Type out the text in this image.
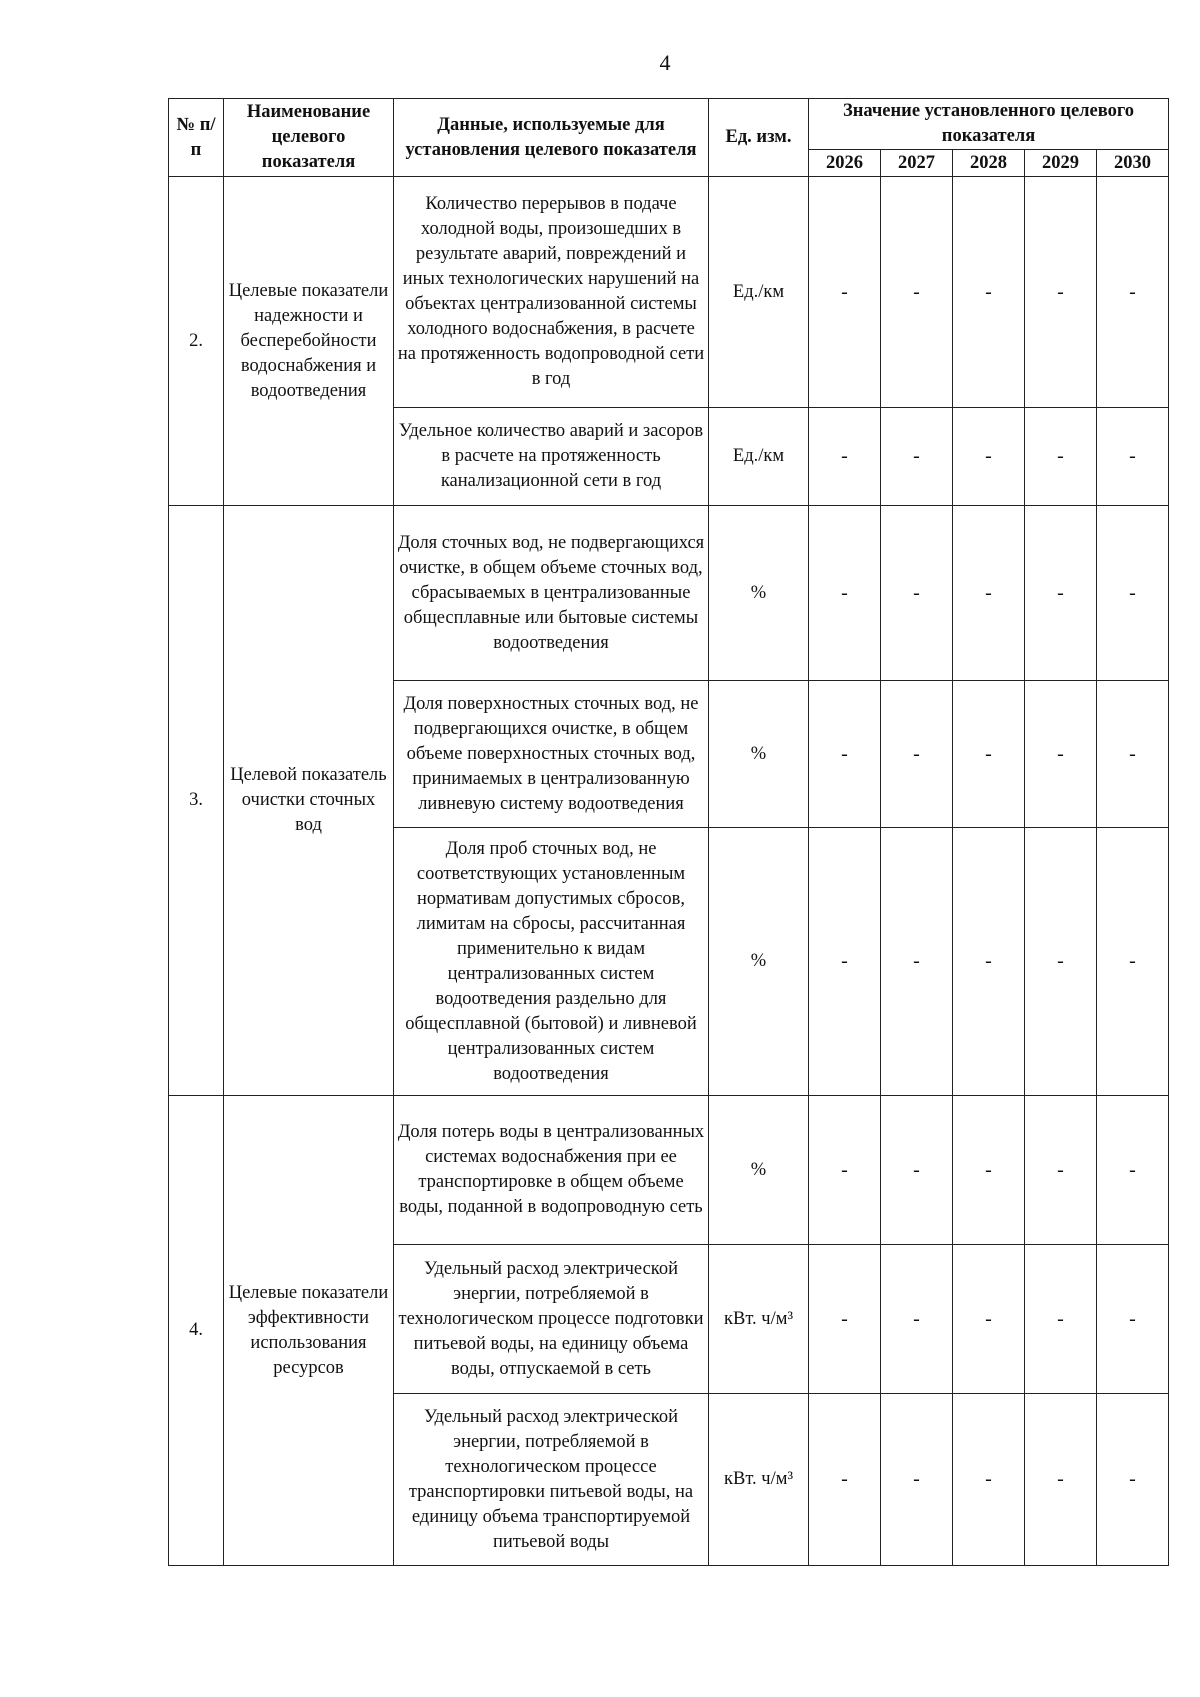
4
№ п/п	Наименование целевого показателя	Данные, используемые для установления целевого показателя	Ед. изм.	Значение установленного целевого показателя				
				2026	2027	2028	2029	2030
2.	Целевые показатели надежности и бесперебойности водоснабжения и водоотведения	Количество перерывов в подаче холодной воды, произошедших в результате аварий, повреждений и иных технологических нарушений на объектах централизованной системы холодного водоснабжения, в расчете на протяженность водопроводной сети в год	Ед./км	-	-	-	-	-
		Удельное количество аварий и засоров в расчете на протяженность канализационной сети в год	Ед./км	-	-	-	-	-
3.	Целевой показатель очистки сточных вод	Доля сточных вод, не подвергающихся очистке, в общем объеме сточных вод, сбрасываемых в централизованные общесплавные или бытовые системы водоотведения	%	-	-	-	-	-
		Доля поверхностных сточных вод, не подвергающихся очистке, в общем объеме поверхностных сточных вод, принимаемых в централизованную ливневую систему водоотведения	%	-	-	-	-	-
		Доля проб сточных вод, не соответствующих установленным нормативам допустимых сбросов, лимитам на сбросы, рассчитанная применительно к видам централизованных систем водоотведения раздельно для общесплавной (бытовой) и ливневой централизованных систем водоотведения	%	-	-	-	-	-
4.	Целевые показатели эффективности использования ресурсов	Доля потерь воды в централизованных системах водоснабжения при ее транспортировке в общем объеме воды, поданной в водопроводную сеть	%	-	-	-	-	-
		Удельный расход электрической энергии, потребляемой в технологическом процессе подготовки питьевой воды, на единицу объема воды, отпускаемой в сеть	кВт. ч/м³	-	-	-	-	-
		Удельный расход электрической энергии, потребляемой в технологическом процессе транспортировки питьевой воды, на единицу объема транспортируемой питьевой воды	кВт. ч/м³	-	-	-	-	-
